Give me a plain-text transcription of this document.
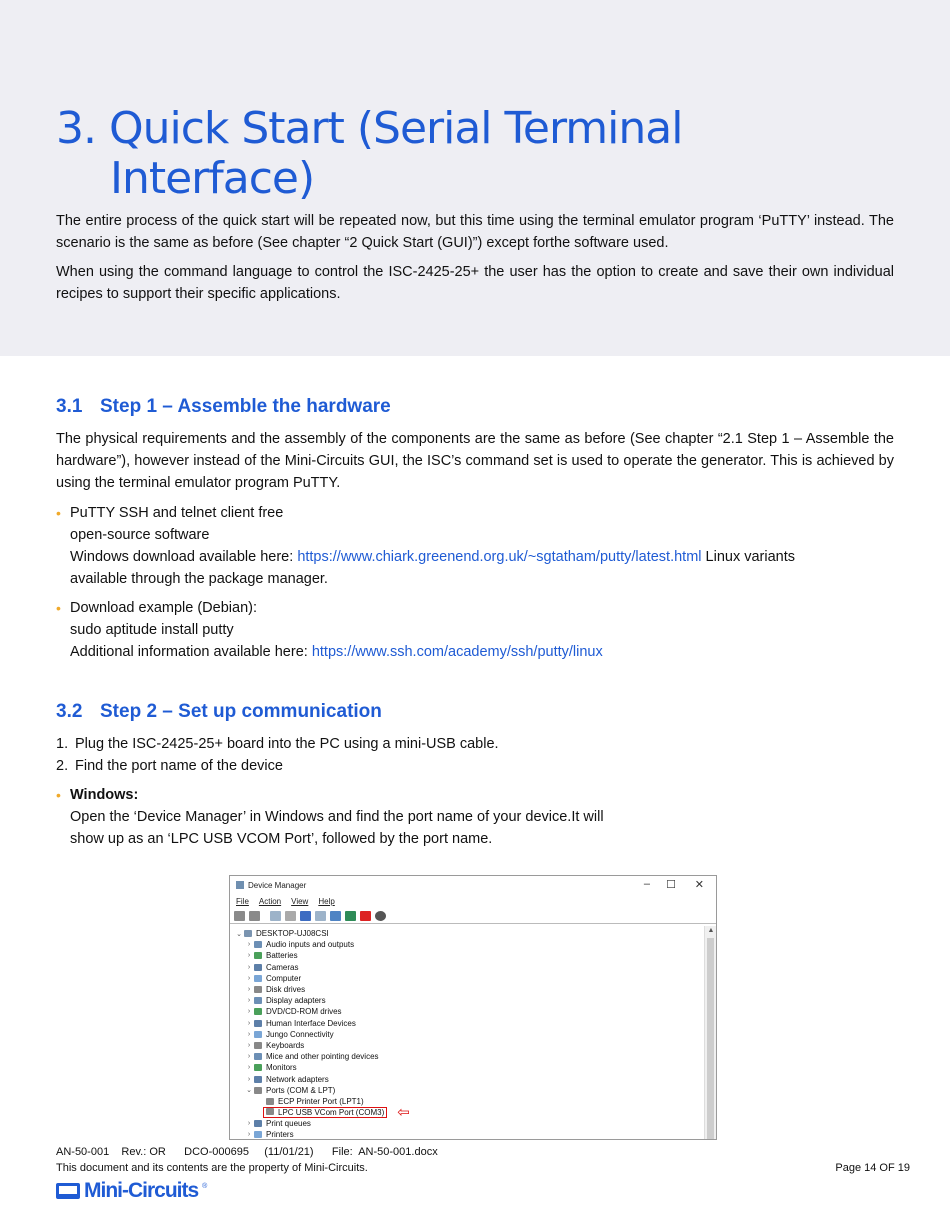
3. Quick Start (Serial Terminal
Interface)

The entire process of the quick start will be repeated now, but this time using the terminal emulator program ‘PuTTY’ instead. The scenario is the same as before (See chapter “2 Quick Start (GUI)”) except forthe software used.

When using the command language to control the ISC-2425-25+ the user has the option to create and save their own individual recipes to support their specific applications.

3.1 Step 1 – Assemble the hardware

The physical requirements and the assembly of the components are the same as before (See chapter “2.1 Step 1 – Assemble the hardware”), however instead of the Mini-Circuits GUI, the ISC’s command set is used to operate the generator. This is achieved by using the terminal emulator program PuTTY.

• PuTTY SSH and telnet client free
open-source software
Windows download available here: https://www.chiark.greenend.org.uk/~sgtatham/putty/latest.html Linux variants
available through the package manager.
• Download example (Debian):
sudo aptitude install putty
Additional information available here: https://www.ssh.com/academy/ssh/putty/linux
3.2 Step 2 – Set up communication
1. Plug the ISC-2425-25+ board into the PC using a mini-USB cable.
2. Find the port name of the device
• Windows:
Open the ‘Device Manager’ in Windows and find the port name of your device.It will
show up as an ‘LPC USB VCOM Port’, followed by the port name.
Device Manager	– ☐ ✕
File Action View Help
⌄ DESKTOP-UJ08CSI
›	Audio inputs and outputs
›	Batteries
›	Cameras
›	Computer
›	Disk drives
›	Display adapters
›	DVD/CD-ROM drives
›	Human Interface Devices
›	Jungo Connectivity
›	Keyboards
›	Mice and other pointing devices
›	Monitors
›	Network adapters
⌄ Ports (COM & LPT)
ECP Printer Port (LPT1)
LPC USB VCom Port (COM3) ⇦
›	Print queues
›	Printers
▲
AN-50-001    Rev.: OR      DCO-000695     (11/01/21)      File:  AN-50-001.docx
This document and its contents are the property of Mini-Circuits.	Page 14 OF 19
Mini-Circuits ®
